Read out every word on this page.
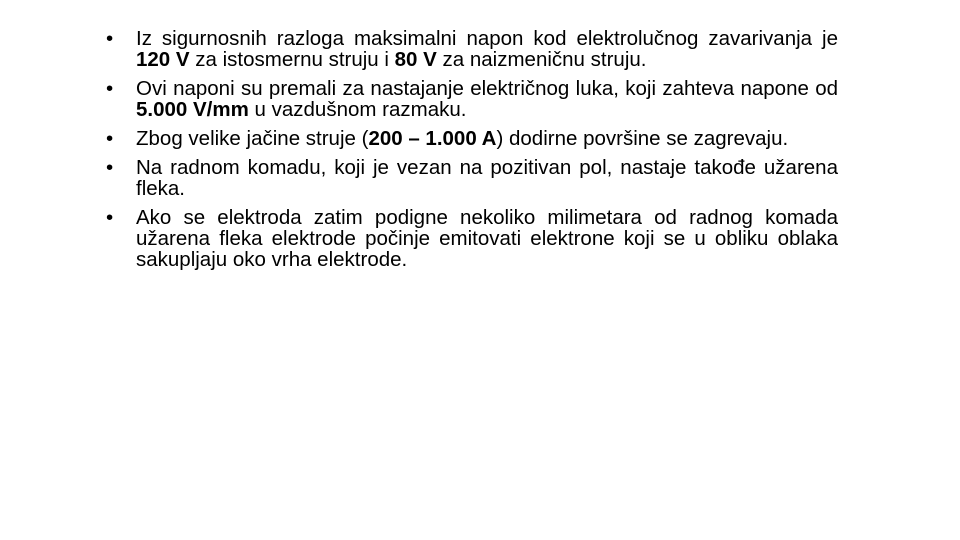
•	Iz sigurnosnih razloga maksimalni napon kod elektrolučnog zavarivanja je 120 V za istosmernu struju i 80 V za naizmeničnu struju.
•	Ovi naponi su premali za nastajanje električnog luka, koji zahteva napone od 5.000 V/mm u vazdušnom razmaku.
•	Zbog velike jačine struje (200 – 1.000 A) dodirne površine se zagrevaju.
•	Na radnom komadu, koji je vezan na pozitivan pol, nastaje takođe užarena fleka.
•	Ako se elektroda zatim podigne nekoliko milimetara od radnog komada užarena fleka elektrode počinje emitovati elektrone koji se u obliku oblaka sakupljaju oko vrha elektrode.
